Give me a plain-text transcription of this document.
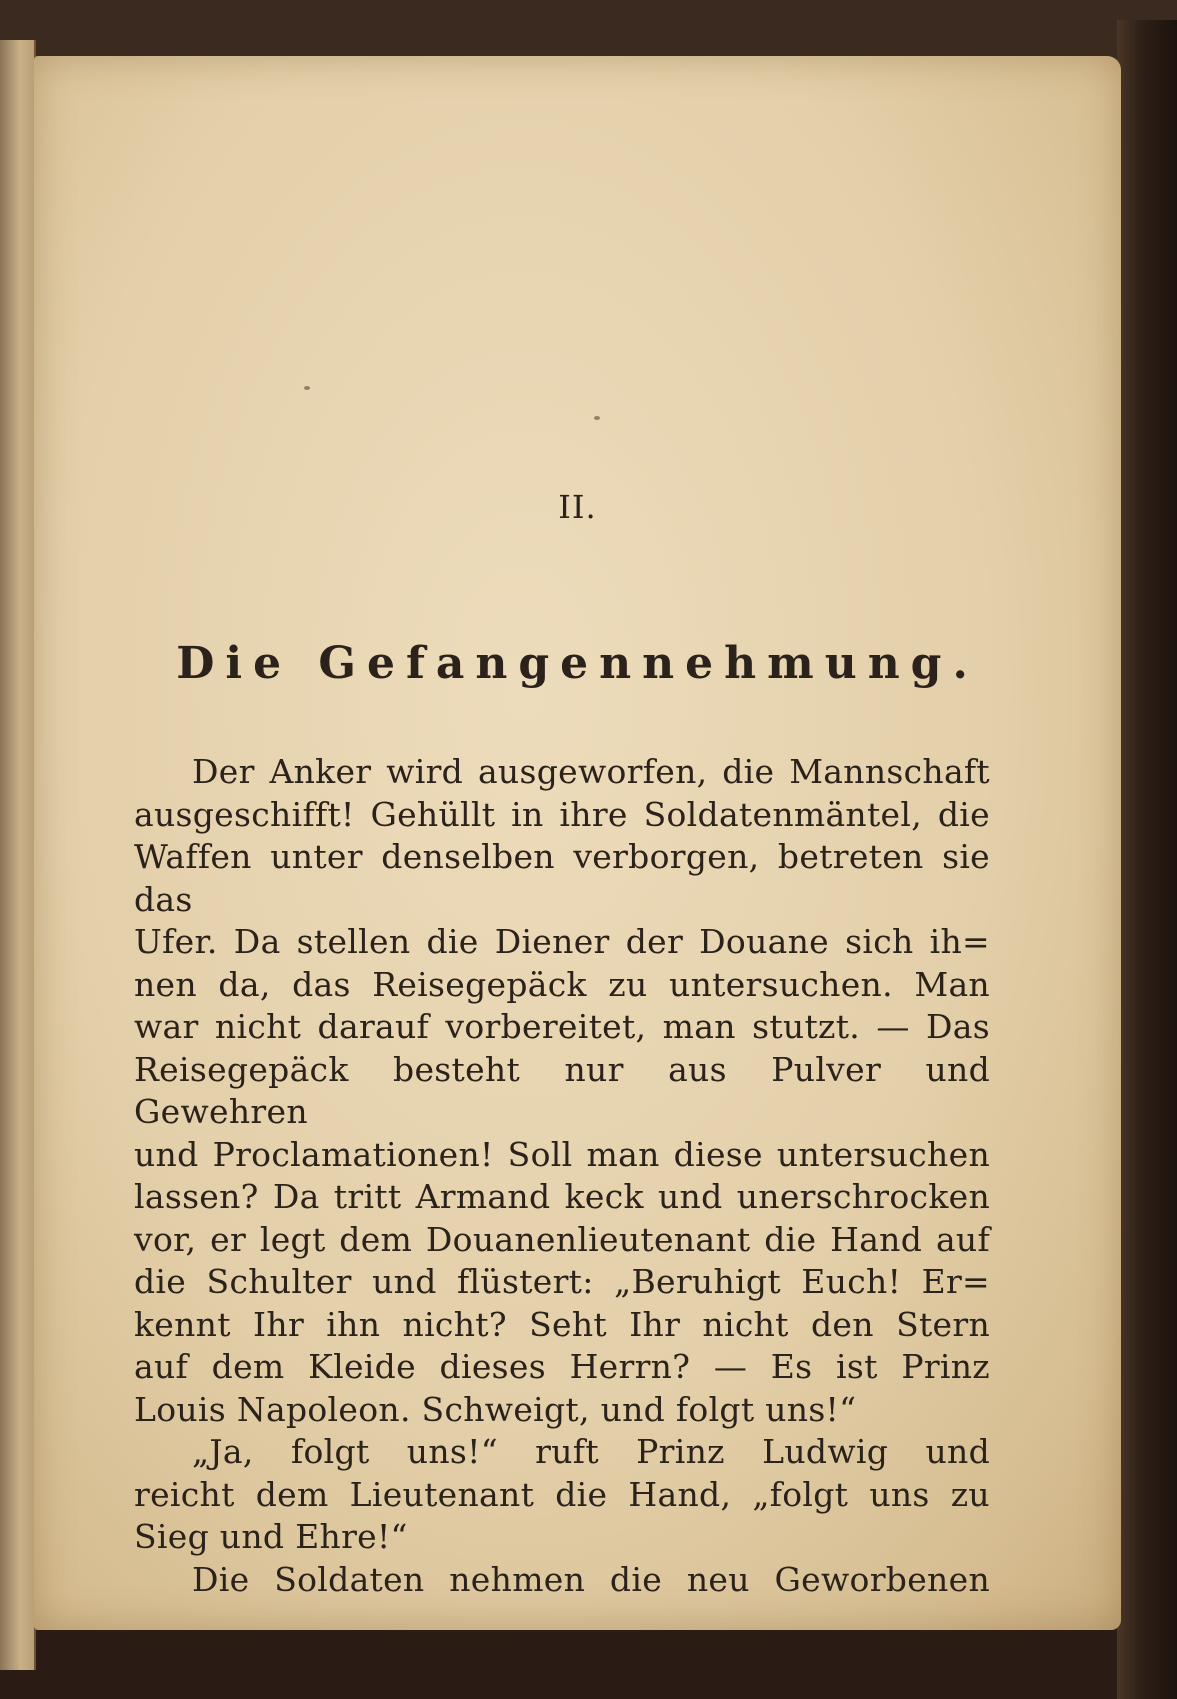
II.
Die Gefangennehmung.
Der Anker wird ausgeworfen, die Mannschaft
ausgeschifft! Gehüllt in ihre Soldatenmäntel, die
Waffen unter denselben verborgen, betreten sie das
Ufer. Da stellen die Diener der Douane sich ih=
nen da, das Reisegepäck zu untersuchen. Man
war nicht darauf vorbereitet, man stutzt. — Das
Reisegepäck besteht nur aus Pulver und Gewehren
und Proclamationen! Soll man diese untersuchen
lassen? Da tritt Armand keck und unerschrocken
vor, er legt dem Douanenlieutenant die Hand auf
die Schulter und flüstert: „Beruhigt Euch! Er=
kennt Ihr ihn nicht? Seht Ihr nicht den Stern
auf dem Kleide dieses Herrn? — Es ist Prinz
Louis Napoleon. Schweigt, und folgt uns!“
„Ja, folgt uns!“ ruft Prinz Ludwig und
reicht dem Lieutenant die Hand, „folgt uns zu
Sieg und Ehre!“
Die Soldaten nehmen die neu Geworbenen
